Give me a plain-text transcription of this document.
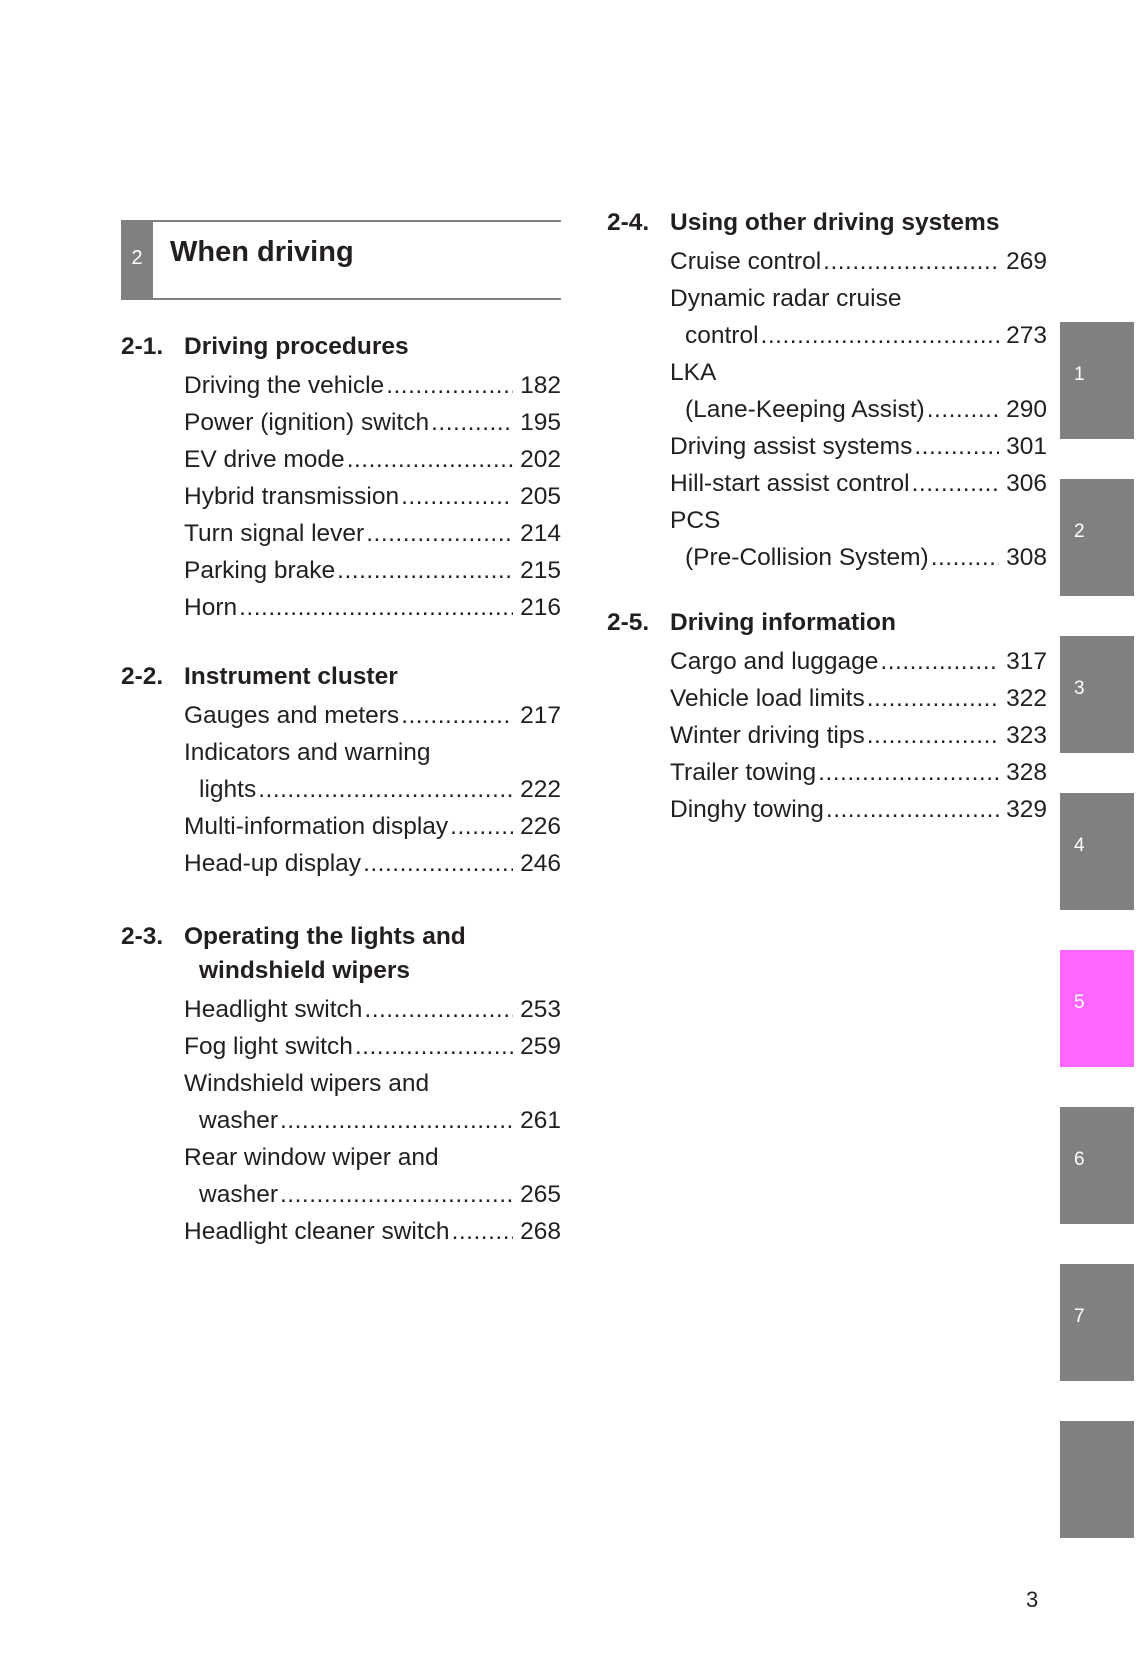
2 When driving
2-1. Driving procedures
Driving the vehicle .....	182
Power (ignition) switch .....	195
EV drive mode .....	202
Hybrid transmission .....	205
Turn signal lever .....	214
Parking brake .....	215
Horn .....	216
2-2. Instrument cluster
Gauges and meters .....	217
Indicators and warning
lights .....	222
Multi-information display .....	226
Head-up display .....	246
2-3. Operating the lights and
windshield wipers
Headlight switch .....	253
Fog light switch .....	259
Windshield wipers and
washer .....	261
Rear window wiper and
washer .....	265
Headlight cleaner switch .....	268
2-4. Using other driving systems
Cruise control .....	269
Dynamic radar cruise
control .....	273
LKA
(Lane-Keeping Assist) .....	290
Driving assist systems .....	301
Hill-start assist control .....	306
PCS
(Pre-Collision System) .....	308
2-5. Driving information
Cargo and luggage .....	317
Vehicle load limits .....	322
Winter driving tips .....	323
Trailer towing .....	328
Dinghy towing .....	329
1
2
3
4
5
6
7
3
